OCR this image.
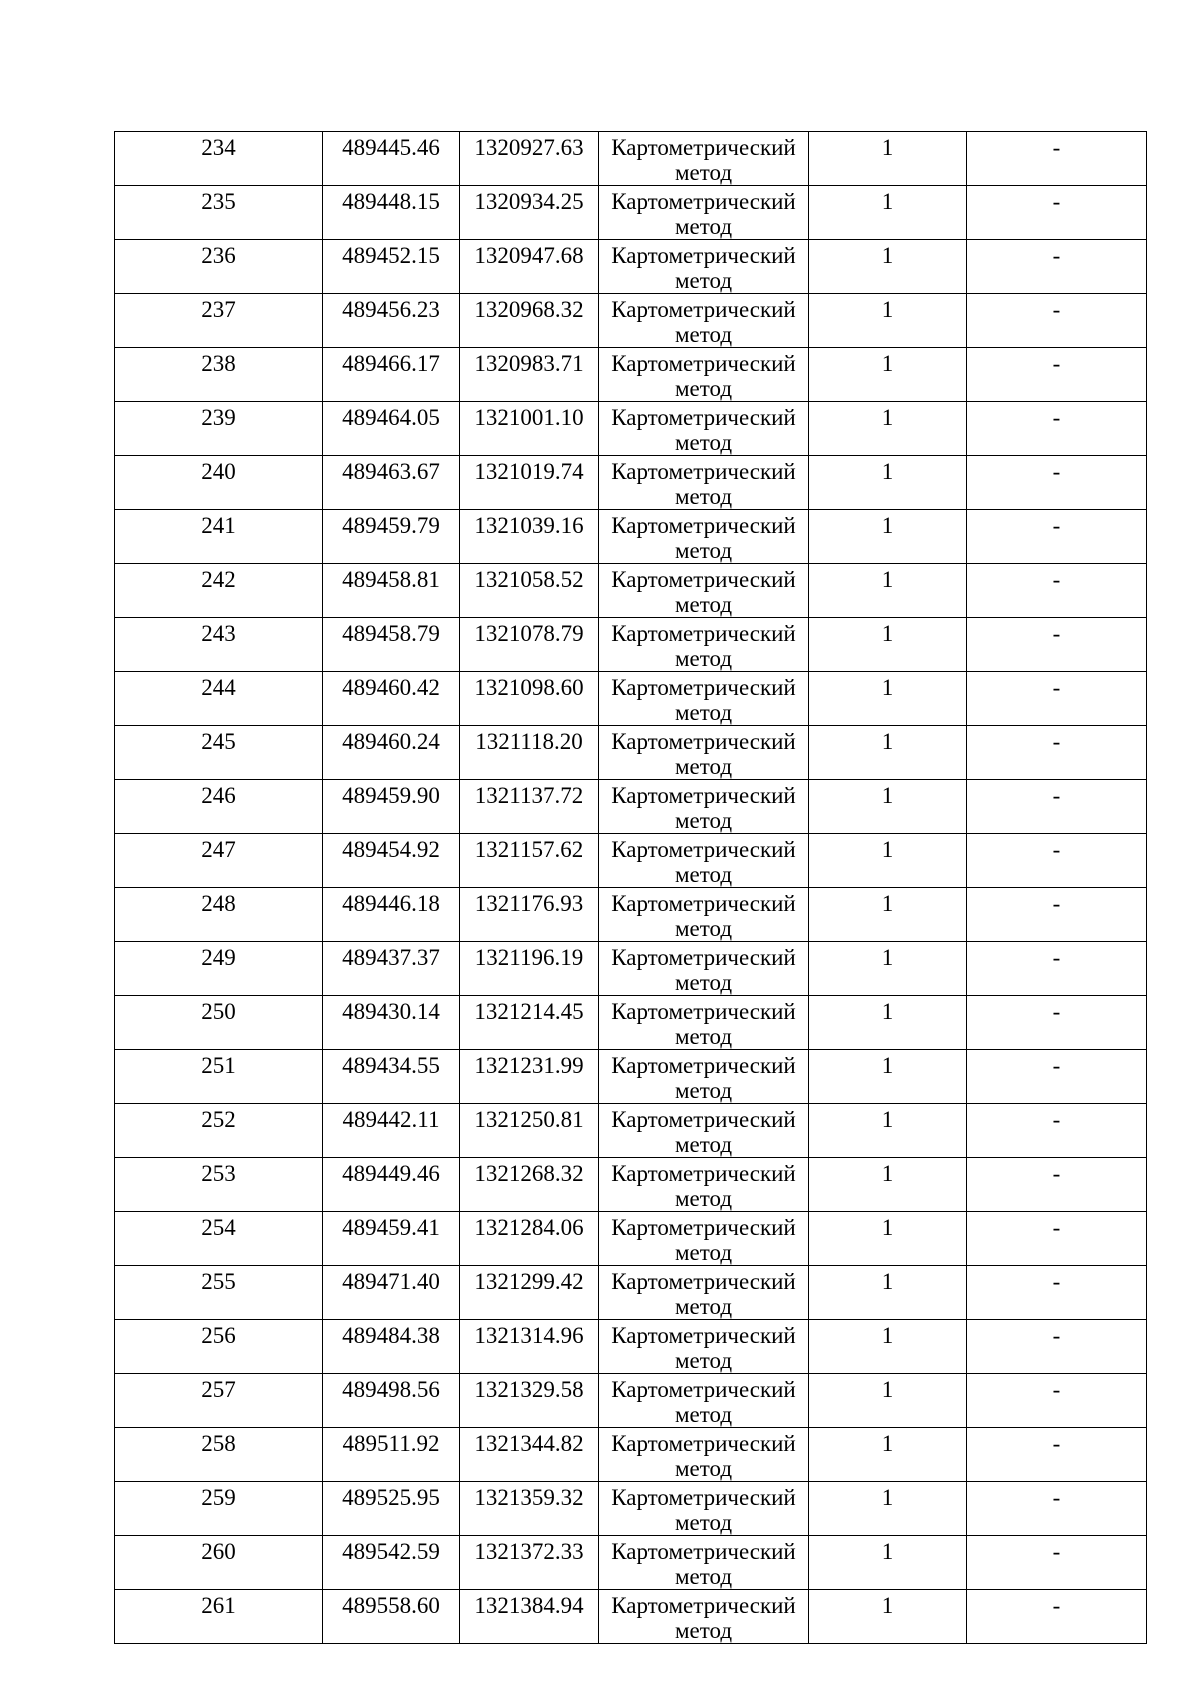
234	489445.46	1320927.63	Картометрический метод	1	-

235	489448.15	1320934.25	Картометрический метод	1	-

236	489452.15	1320947.68	Картометрический метод	1	-

237	489456.23	1320968.32	Картометрический метод	1	-

238	489466.17	1320983.71	Картометрический метод	1	-

239	489464.05	1321001.10	Картометрический метод	1	-

240	489463.67	1321019.74	Картометрический метод	1	-

241	489459.79	1321039.16	Картометрический метод	1	-

242	489458.81	1321058.52	Картометрический метод	1	-

243	489458.79	1321078.79	Картометрический метод	1	-

244	489460.42	1321098.60	Картометрический метод	1	-

245	489460.24	1321118.20	Картометрический метод	1	-

246	489459.90	1321137.72	Картометрический метод	1	-

247	489454.92	1321157.62	Картометрический метод	1	-

248	489446.18	1321176.93	Картометрический метод	1	-

249	489437.37	1321196.19	Картометрический метод	1	-

250	489430.14	1321214.45	Картометрический метод	1	-

251	489434.55	1321231.99	Картометрический метод	1	-

252	489442.11	1321250.81	Картометрический метод	1	-

253	489449.46	1321268.32	Картометрический метод	1	-

254	489459.41	1321284.06	Картометрический метод	1	-

255	489471.40	1321299.42	Картометрический метод	1	-

256	489484.38	1321314.96	Картометрический метод	1	-

257	489498.56	1321329.58	Картометрический метод	1	-

258	489511.92	1321344.82	Картометрический метод	1	-

259	489525.95	1321359.32	Картометрический метод	1	-

260	489542.59	1321372.33	Картометрический метод	1	-

261	489558.60	1321384.94	Картометрический метод	1	-
